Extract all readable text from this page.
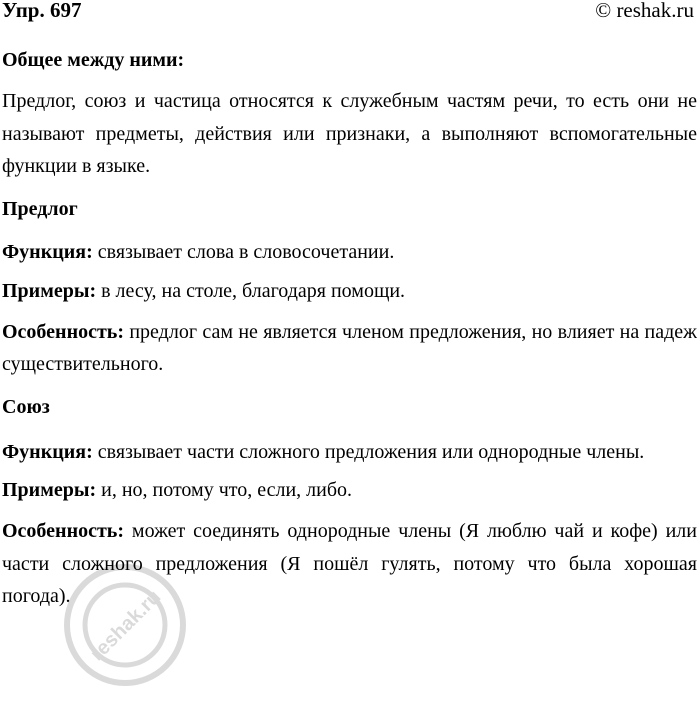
Упр. 697	© reshak.ru
Общее между ними:

Предлог, союз и частица относятся к служебным частям речи, то есть они не называют предметы, действия или признаки, а выполняют вспомогательные функции в языке.

Предлог

Функция: связывает слова в словосочетании.

Примеры: в лесу, на столе, благодаря помощи.

Особенность: предлог сам не является членом предложения, но влияет на падеж существительного.

Союз

Функция: связывает части сложного предложения или однородные члены.

Примеры: и, но, потому что, если, либо.

Особенность: может соединять однородные члены (Я люблю чай и кофе) или части сложного предложения (Я пошёл гулять, потому что была хорошая погода). reshak.ru
